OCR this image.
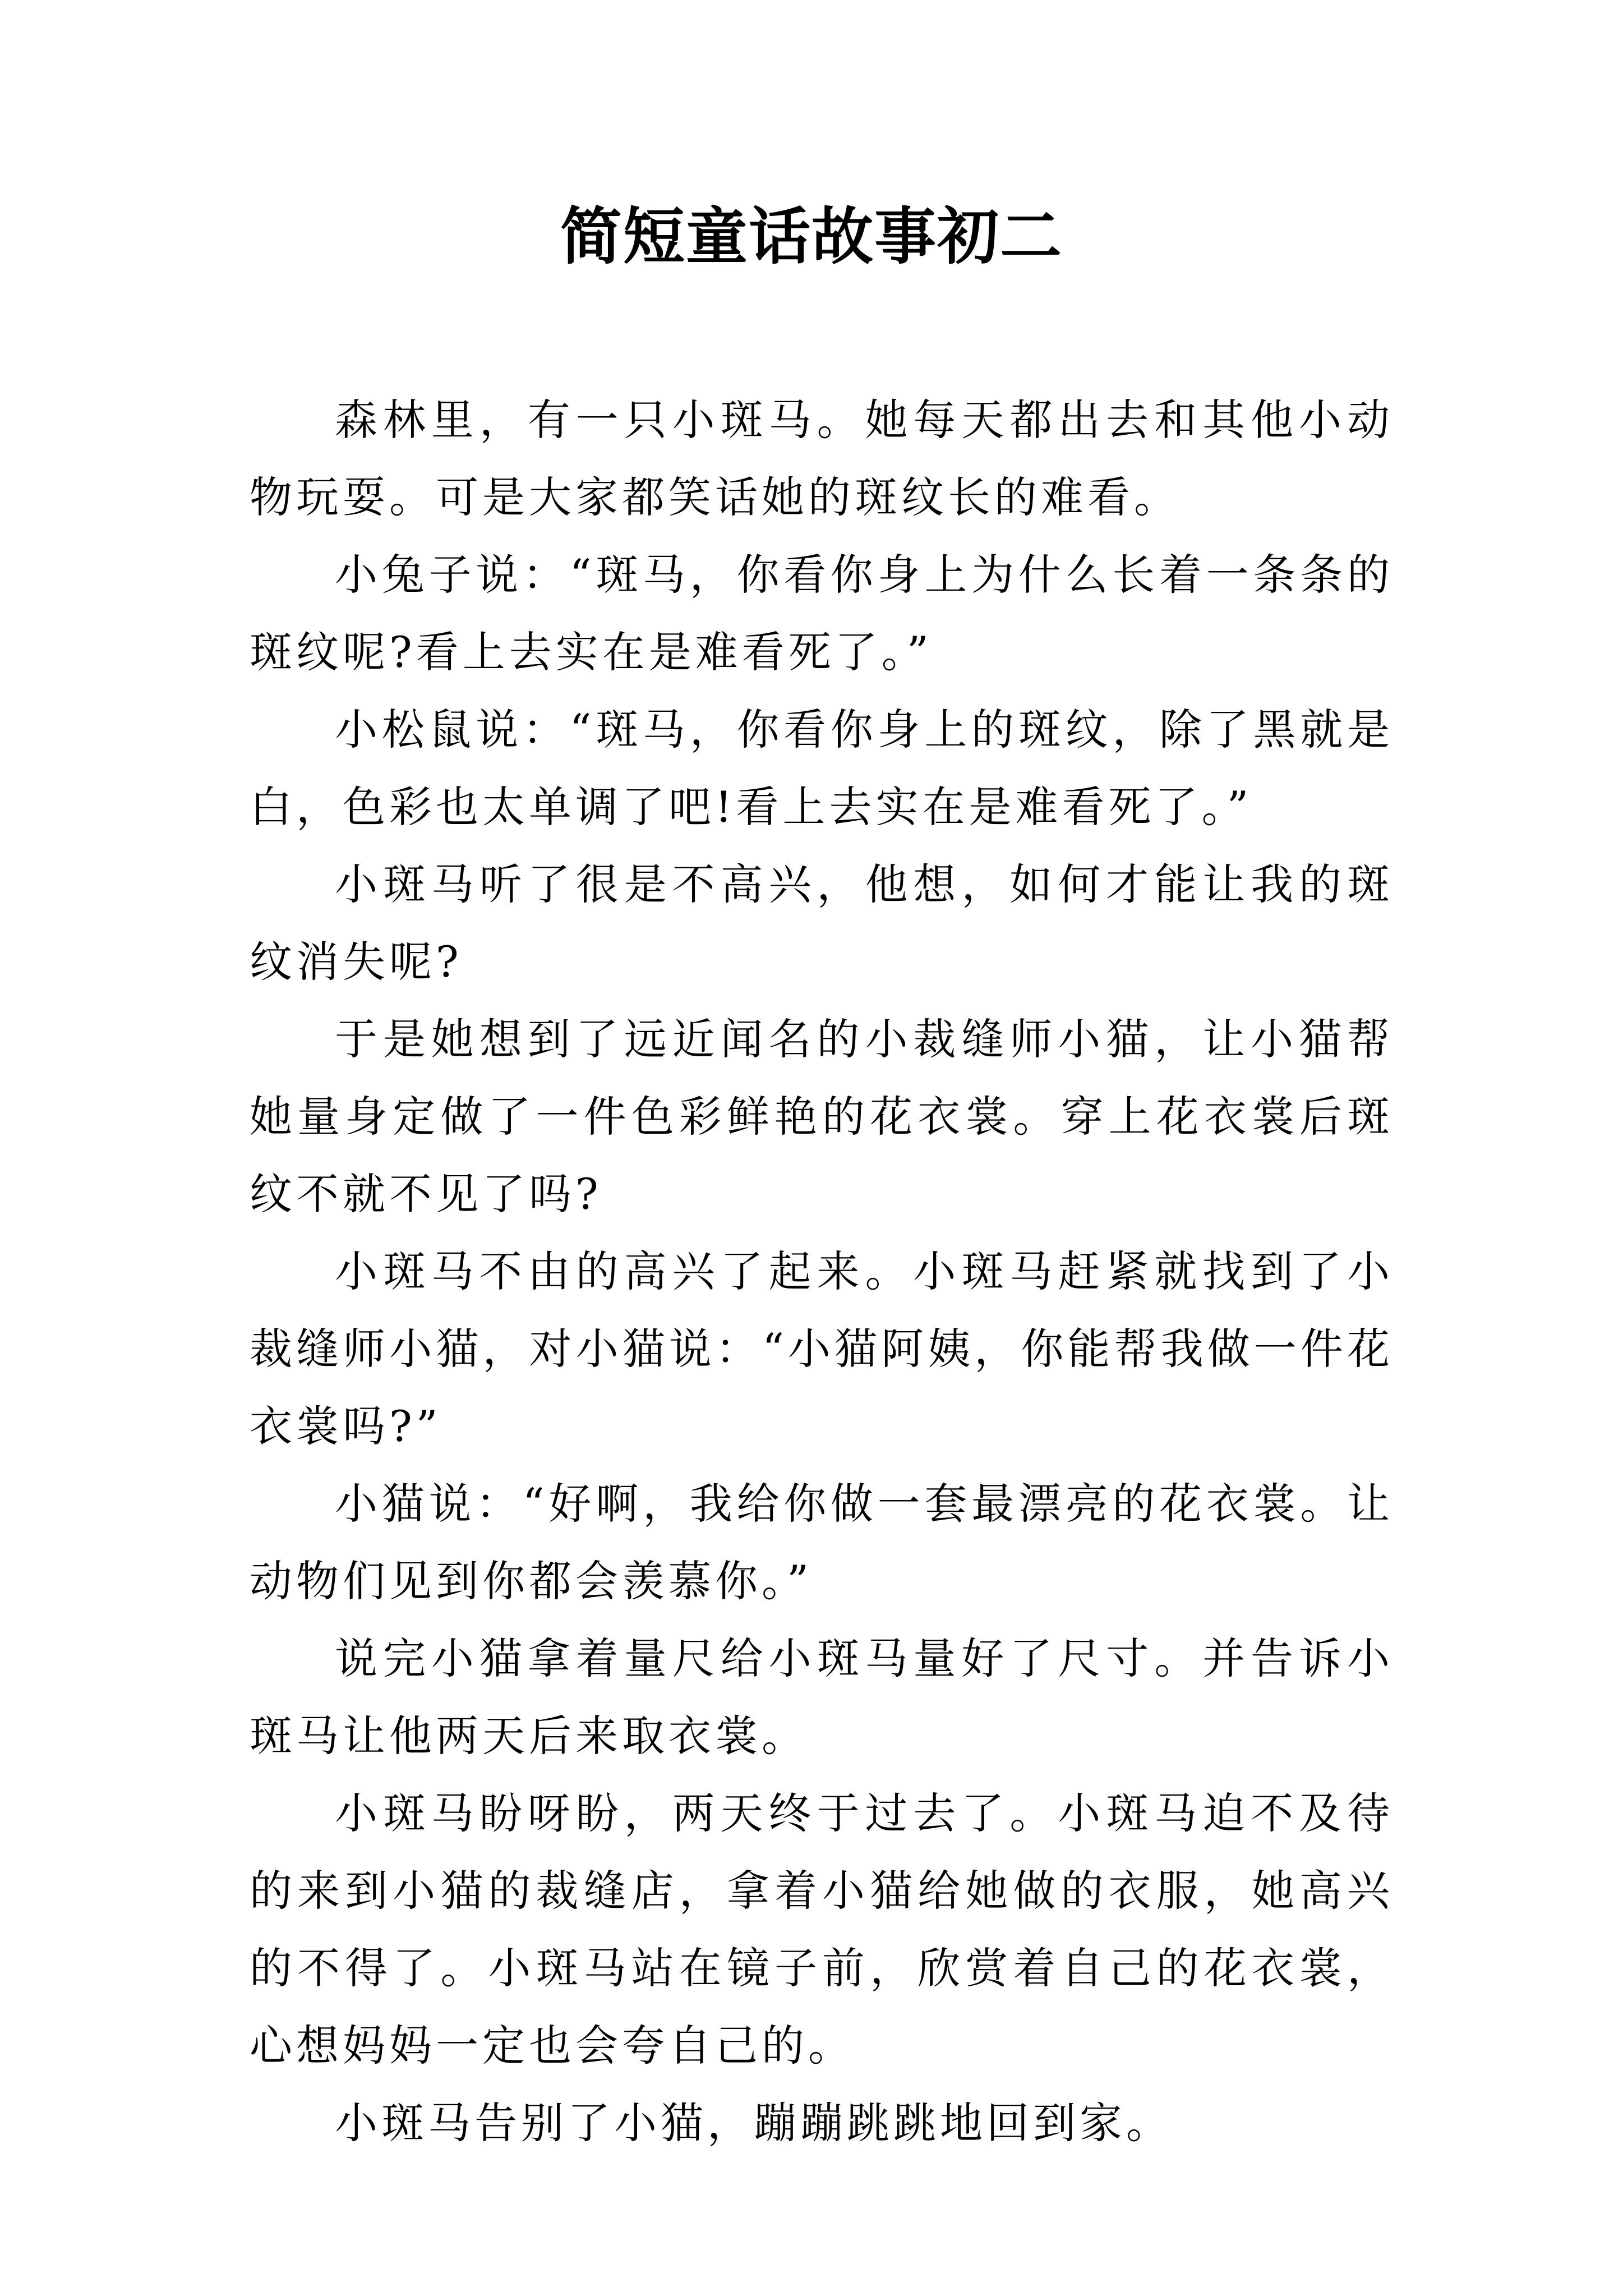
简短童话故事初二

森林里，有一只小斑马。她每天都出去和其他小动物玩耍。可是大家都笑话她的斑纹长的难看。

小兔子说：“斑马，你看你身上为什么长着一条条的斑纹呢?看上去实在是难看死了。”

小松鼠说：“斑马，你看你身上的斑纹，除了黑就是白，色彩也太单调了吧!看上去实在是难看死了。”

小斑马听了很是不高兴，他想，如何才能让我的斑纹消失呢?

于是她想到了远近闻名的小裁缝师小猫，让小猫帮她量身定做了一件色彩鲜艳的花衣裳。穿上花衣裳后斑纹不就不见了吗?

小斑马不由的高兴了起来。小斑马赶紧就找到了小裁缝师小猫，对小猫说：“小猫阿姨，你能帮我做一件花衣裳吗?”

小猫说：“好啊，我给你做一套最漂亮的花衣裳。让动物们见到你都会羡慕你。”

说完小猫拿着量尺给小斑马量好了尺寸。并告诉小斑马让他两天后来取衣裳。

小斑马盼呀盼，两天终于过去了。小斑马迫不及待的来到小猫的裁缝店，拿着小猫给她做的衣服，她高兴的不得了。小斑马站在镜子前，欣赏着自己的花衣裳，心想妈妈一定也会夸自己的。

小斑马告别了小猫，蹦蹦跳跳地回到家。
